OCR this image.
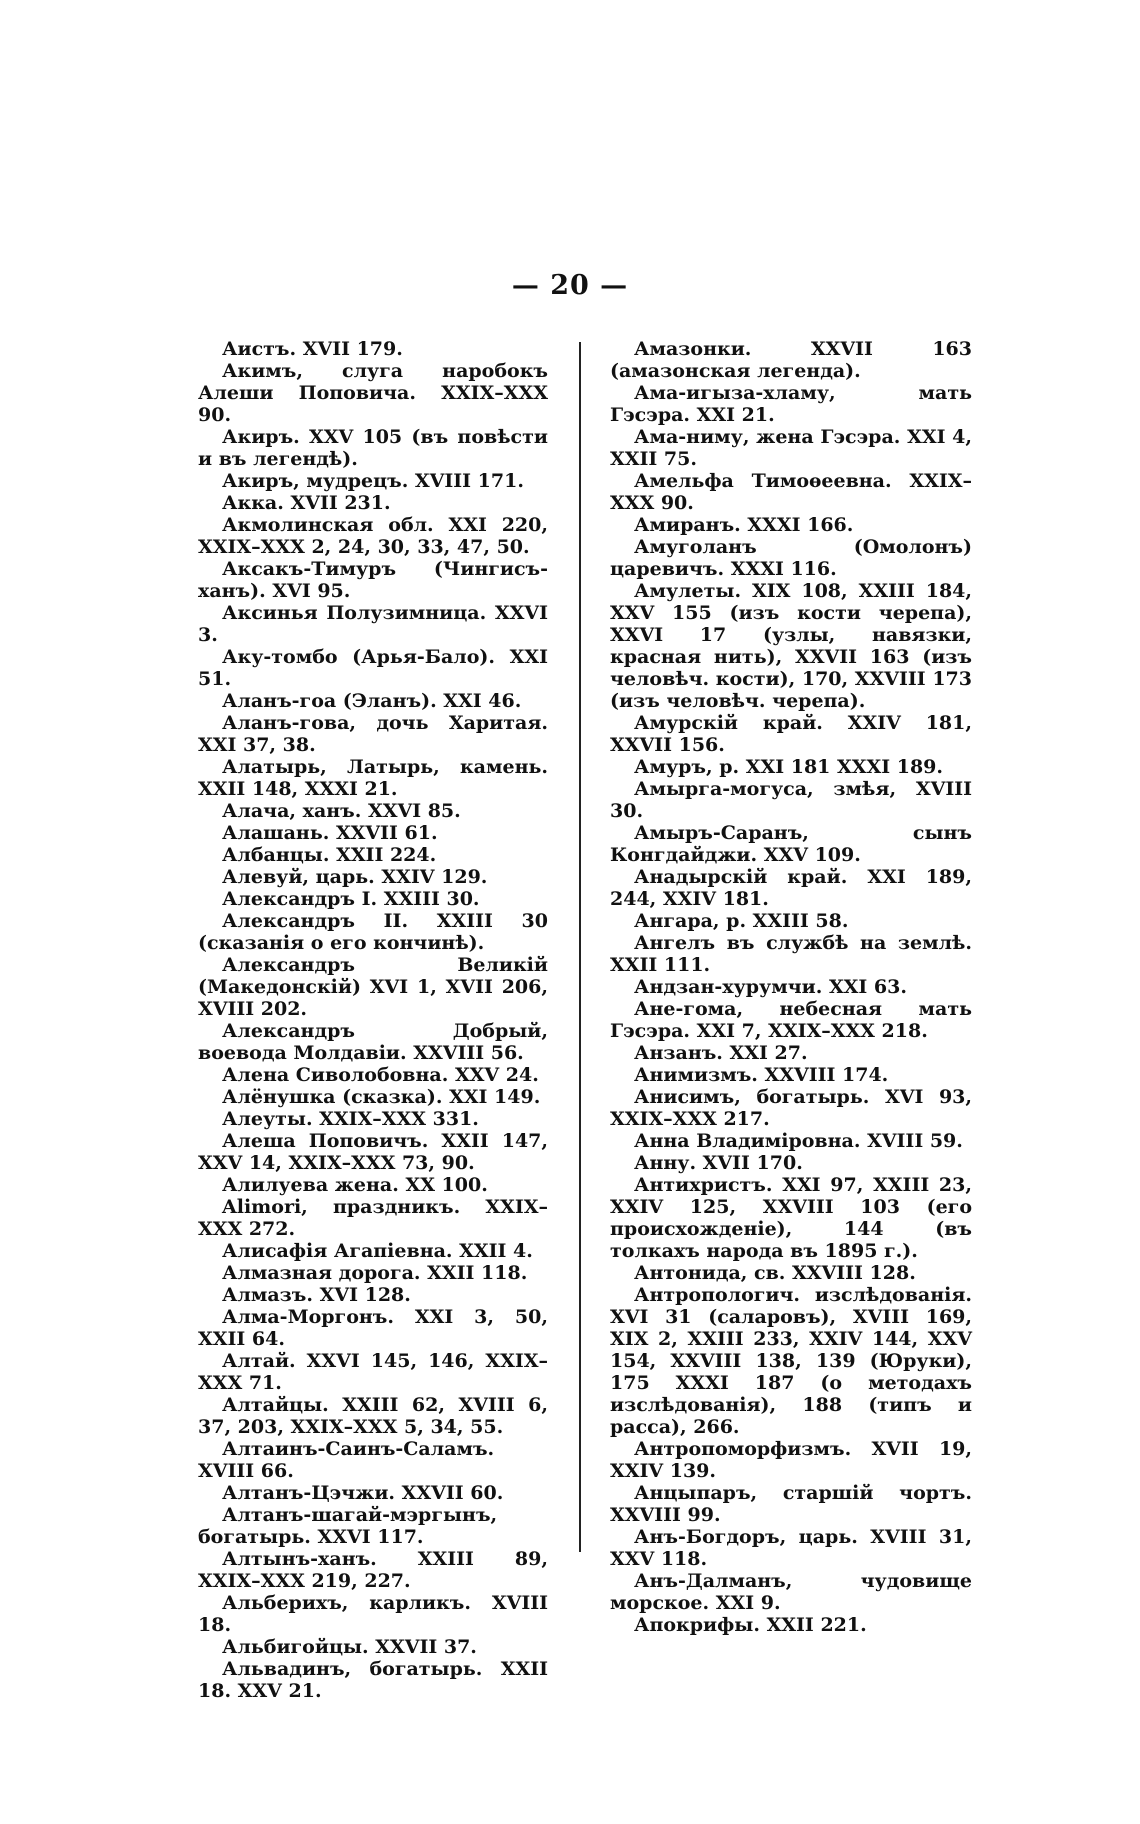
— 20 —

Аистъ. XVII 179.

Акимъ, слуга наробокъ Алеши Поповича. XXIX–XXX 90.

Акиръ. XXV 105 (въ повѣсти и въ легендѣ).

Акиръ, мудрецъ. XVIII 171.

Акка. XVII 231.

Акмолинская обл. XXI 220, XXIX–XXX 2, 24, 30, 33, 47, 50.

Аксакъ-Тимуръ (Чингисъ-ханъ). XVI 95.

Аксинья Полузимница. XXVI 3.

Аку-томбо (Арья-Бало). XXI 51.

Аланъ-гоа (Эланъ). XXI 46.

Аланъ-гова, дочь Харитая. XXI 37, 38.

Алатырь, Латырь, камень. XXII 148, XXXI 21.

Алача, ханъ. XXVI 85.

Алашань. XXVII 61.

Албанцы. XXII 224.

Алевуй, царь. XXIV 129.

Александръ I. XXIII 30.

Александръ II. XXIII 30 (сказанія о его кончинѣ).

Александръ Великій (Македонскій) XVI 1, XVII 206, XVIII 202.

Александръ Добрый, воевода Молдавіи. XXVIII 56.

Алена Сиволобовна. XXV 24.

Алёнушка (сказка). XXI 149.

Алеуты. XXIX–XXX 331.

Алеша Поповичъ. XXII 147, XXV 14, XXIX–XXX 73, 90.

Алилуева жена. XX 100.

Alimori, праздникъ. XXIX–XXX 272.

Алисафія Агапіевна. XXII 4.

Алмазная дорога. XXII 118.

Алмазъ. XVI 128.

Алма-Моргонъ. XXI 3, 50, XXII 64.

Алтай. XXVI 145, 146, XXIX–XXX 71.

Алтайцы. XXIII 62, XVIII 6, 37, 203, XXIX–XXX 5, 34, 55.

Алтаинъ-Саинъ-Саламъ. XVIII 66.

Алтанъ-Цэчжи. XXVII 60.

Алтанъ-шагай-мэргынъ, богатырь. XXVI 117.

Алтынъ-ханъ. XXIII 89, XXIX–XXX 219, 227.

Альберихъ, карликъ. XVIII 18.

Альбигойцы. XXVII 37.

Альвадинъ, богатырь. XXII 18. XXV 21.

Амазонки. XXVII 163 (амазонская легенда).

Ама-игыза-хламу, мать Гэсэра. XXI 21.

Ама-ниму, жена Гэсэра. XXI 4, XXII 75.

Амельфа Тимоѳеевна. XXIX–XXX 90.

Амиранъ. XXXI 166.

Амуголанъ (Омолонъ) царевичъ. XXXI 116.

Амулеты. XIX 108, XXIII 184, XXV 155 (изъ кости черепа), XXVI 17 (узлы, навязки, красная нить), XXVII 163 (изъ человѣч. кости), 170, XXVIII 173 (изъ человѣч. черепа).

Амурскій край. XXIV 181, XXVII 156.

Амуръ, р. XXI 181 XXXI 189.

Амырга-могуса, змѣя, XVIII 30.

Амыръ-Саранъ, сынъ Конгдайджи. XXV 109.

Анадырскій край. XXI 189, 244, XXIV 181.

Ангара, р. XXIII 58.

Ангелъ въ службѣ на землѣ. XXII 111.

Андзан-хурумчи. XXI 63.

Ане-гома, небесная мать Гэсэра. XXI 7, XXIX–XXX 218.

Анзанъ. XXI 27.

Анимизмъ. XXVIII 174.

Анисимъ, богатырь. XVI 93, XXIX–XXX 217.

Анна Владиміровна. XVIII 59.

Анну. XVII 170.

Антихристъ. XXI 97, XXIII 23, XXIV 125, XXVIII 103 (его происхожденіе), 144 (въ толкахъ народа въ 1895 г.).

Антонида, св. XXVIII 128.

Антропологич. изслѣдованія. XVI 31 (саларовъ), XVIII 169, XIX 2, XXIII 233, XXIV 144, XXV 154, XXVIII 138, 139 (Юруки), 175 XXXI 187 (о методахъ изслѣдованія), 188 (типъ и расса), 266.

Антропоморфизмъ. XVII 19, XXIV 139.

Анцыпаръ, старшій чортъ. XXVIII 99.

Анъ-Богдоръ, царь. XVIII 31, XXV 118.

Анъ-Далманъ, чудовище морское. XXI 9.

Апокрифы. XXII 221.
